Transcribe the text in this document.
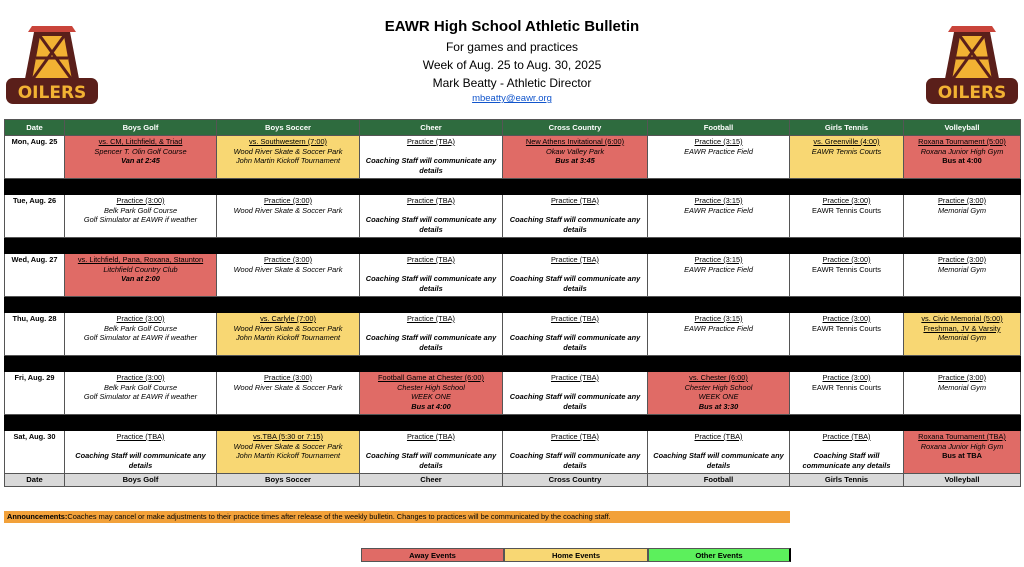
OILERS	OILERS
EAWR High School Athletic Bulletin
For games and practices
Week of Aug. 25 to Aug. 30, 2025
Mark Beatty - Athletic Director
mbeatty@eawr.org
Date	Boys Golf	Boys Soccer	Cheer	Cross Country	Football	Girls Tennis	Volleyball
Mon, Aug. 25	vs. CM, Litchfield, & Triad
Spencer T. Olin Golf Course
Van at 2:45	vs. Southwestern (7:00)
Wood River Skate & Soccer Park
John Martin Kickoff Tournament	Practice (TBA)

Coaching Staff will communicate any details	New Athens Invitational (6:00)
Okaw Valley Park
Bus at 3:45	Practice (3:15)
EAWR Practice Field	vs. Greenville (4:00)
EAWR Tennis Courts	Roxana Tournament (5:00)
Roxana Junior High Gym
Bus at 4:00

Tue, Aug. 26	Practice (3:00)
Belk Park Golf Course
Golf Simulator at EAWR if weather	Practice (3:00)
Wood River Skate & Soccer Park	Practice (TBA)

Coaching Staff will communicate any details	Practice (TBA)

Coaching Staff will communicate any details	Practice (3:15)
EAWR Practice Field	Practice (3:00)
EAWR Tennis Courts	Practice (3:00)
Memorial Gym

Wed, Aug. 27	vs. Litchfield, Pana, Roxana, Staunton
Litchfield Country Club
Van at 2:00	Practice (3:00)
Wood River Skate & Soccer Park	Practice (TBA)

Coaching Staff will communicate any details	Practice (TBA)

Coaching Staff will communicate any details	Practice (3:15)
EAWR Practice Field	Practice (3:00)
EAWR Tennis Courts	Practice (3:00)
Memorial Gym

Thu, Aug. 28	Practice (3:00)
Belk Park Golf Course
Golf Simulator at EAWR if weather	vs. Carlyle (7:00)
Wood River Skate & Soccer Park
John Martin Kickoff Tournament	Practice (TBA)

Coaching Staff will communicate any details	Practice (TBA)

Coaching Staff will communicate any details	Practice (3:15)
EAWR Practice Field	Practice (3:00)
EAWR Tennis Courts	vs. Civic Memorial (5:00)
Freshman, JV & Varsity
Memorial Gym

Fri, Aug. 29	Practice (3:00)
Belk Park Golf Course
Golf Simulator at EAWR if weather	Practice (3:00)
Wood River Skate & Soccer Park	Football Game at Chester (6:00)
Chester High School
WEEK ONE
Bus at 4:00	Practice (TBA)

Coaching Staff will communicate any details	vs. Chester (6:00)
Chester High School
WEEK ONE
Bus at 3:30	Practice (3:00)
EAWR Tennis Courts	Practice (3:00)
Memorial Gym

Sat, Aug. 30	Practice (TBA)

Coaching Staff will communicate any details	vs.TBA (5:30 or 7:15)
Wood River Skate & Soccer Park
John Martin Kickoff Tournament	Practice (TBA)

Coaching Staff will communicate any details	Practice (TBA)

Coaching Staff will communicate any details	Practice (TBA)

Coaching Staff will communicate any details	Practice (TBA)

Coaching Staff will communicate any details	Roxana Tournament (TBA)
Roxana Junior High Gym
Bus at TBA

Date	Boys Golf	Boys Soccer	Cheer	Cross Country	Football	Girls Tennis	Volleyball
Announcements:Coaches may cancel or make adjustments to their practice times after release of the weekly bulletin. Changes to practices will be communicated by the coaching staff.
Away Events	Home Events	Other Events
